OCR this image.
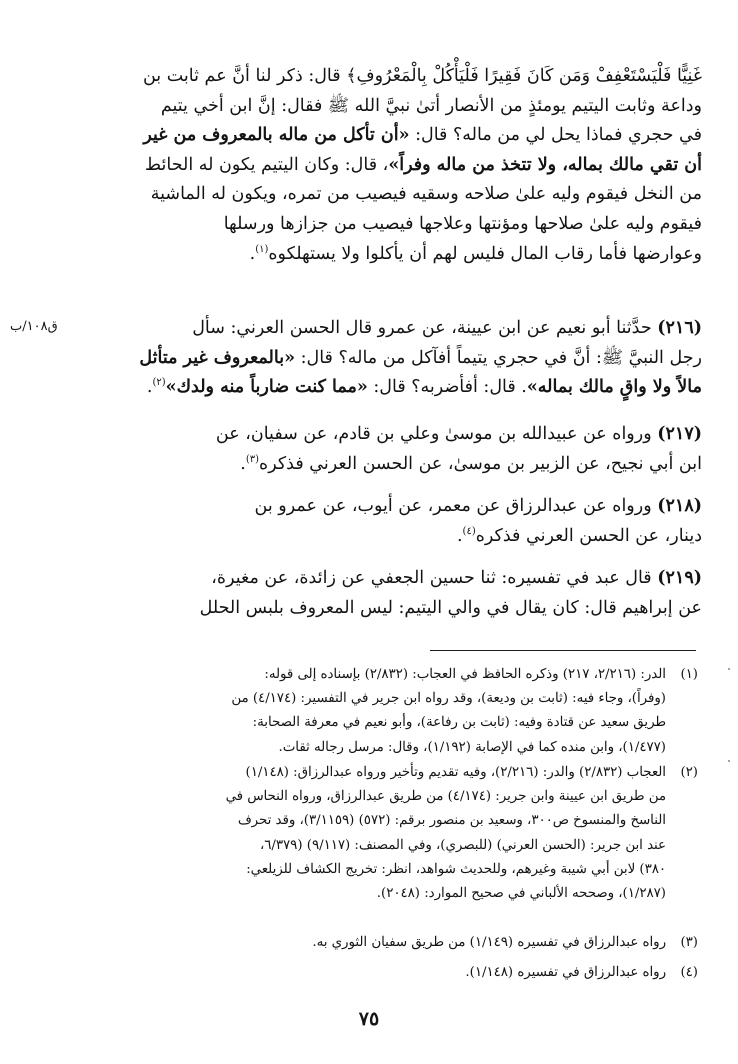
غَنِيًّا فَلْيَسْتَعْفِفْ وَمَن كَانَ فَقِيرًا فَلْيَأْكُلْ بِالْمَعْرُوفِ﴾ قال: ذكر لنا أنَّ عم ثابت بن

وداعة وثابت اليتيم يومئذٍ من الأنصار أتىٰ نبيَّ الله ﷺ فقال: إنَّ ابن أخي يتيم

في حجري فماذا يحل لي من ماله؟ قال: «أن تأكل من ماله بالمعروف من غير

أن تقي مالك بماله، ولا تتخذ من ماله وفراً»، قال: وكان اليتيم يكون له الحائط

من النخل فيقوم وليه علىٰ صلاحه وسقيه فيصيب من تمره، ويكون له الماشية

فيقوم وليه علىٰ صلاحها ومؤنتها وعلاجها فيصيب من جزازها ورسلها

وعوارضها فأما رقاب المال فليس لهم أن يأكلوا ولا يستهلكوه$^{(١)}$.

(٢١٦) حدَّثنا أبو نعيم عن ابن عيينة، عن عمرو قال الحسن العرني: سأل

رجل النبيَّ ﷺ: أنَّ في حجري يتيماً أفآكل من ماله؟ قال: «بالمعروف غير متأثل

مالاً ولا واقٍ مالك بماله». قال: أفأضربه؟ قال: «مما كنت ضارباً منه ولدك»$^{(٢)}$.

(٢١٧) ورواه عن عبيدالله بن موسىٰ وعلي بن قادم، عن سفيان، عن

ابن أبي نجيح، عن الزبير بن موسىٰ، عن الحسن العرني فذكره$^{(٣)}$.

(٢١٨) ورواه عن عبدالرزاق عن معمر، عن أيوب، عن عمرو بن

دينار، عن الحسن العرني فذكره$^{(٤)}$.

(٢١٩) قال عبد في تفسيره: ثنا حسين الجعفي عن زائدة، عن مغيرة،

عن إبراهيم قال: كان يقال في والي اليتيم: ليس المعروف بلبس الحلل

ق١٠٨/ب
(١)
الدر: (٢/٢١٦، ٢١٧) وذكره الحافظ في العجاب: (٢/٨٣٢) بإسناده إلى قوله:
(وفراً)، وجاء فيه: (ثابت بن وديعة)، وقد رواه ابن جرير في التفسير: (٤/١٧٤) من
طريق سعيد عن قتادة وفيه: (ثابت بن رفاعة)، وأبو نعيم في معرفة الصحابة:
(١/٤٧٧)، وابن منده كما في الإصابة (١/١٩٢)، وقال: مرسل رجاله ثقات.
(٢)
العجاب (٢/٨٣٢) والدر: (٢/٢١٦)، وفيه تقديم وتأخير ورواه عبدالرزاق: (١/١٤٨)
من طريق ابن عيينة وابن جرير: (٤/١٧٤) من طريق عبدالرزاق، ورواه النحاس في
الناسخ والمنسوخ ص٣٠٠، وسعيد بن منصور برقم: (٥٧٢) (٣/١١٥٩)، وقد تحرف
عند ابن جرير: (الحسن العرني) (للبصري)، وفي المصنف: (٩/١١٧) (٦/٣٧٩،
٣٨٠) لابن أبي شيبة وغيرهم، وللحديث شواهد، انظر: تخريج الكشاف للزيلعي:
(١/٢٨٧)، وصححه الألباني في صحيح الموارد: (٢٠٤٨).
(٣)
رواه عبدالرزاق في تفسيره (١/١٤٩) من طريق سفيان الثوري به.
(٤)
رواه عبدالرزاق في تفسيره (١/١٤٨).
٧٥
